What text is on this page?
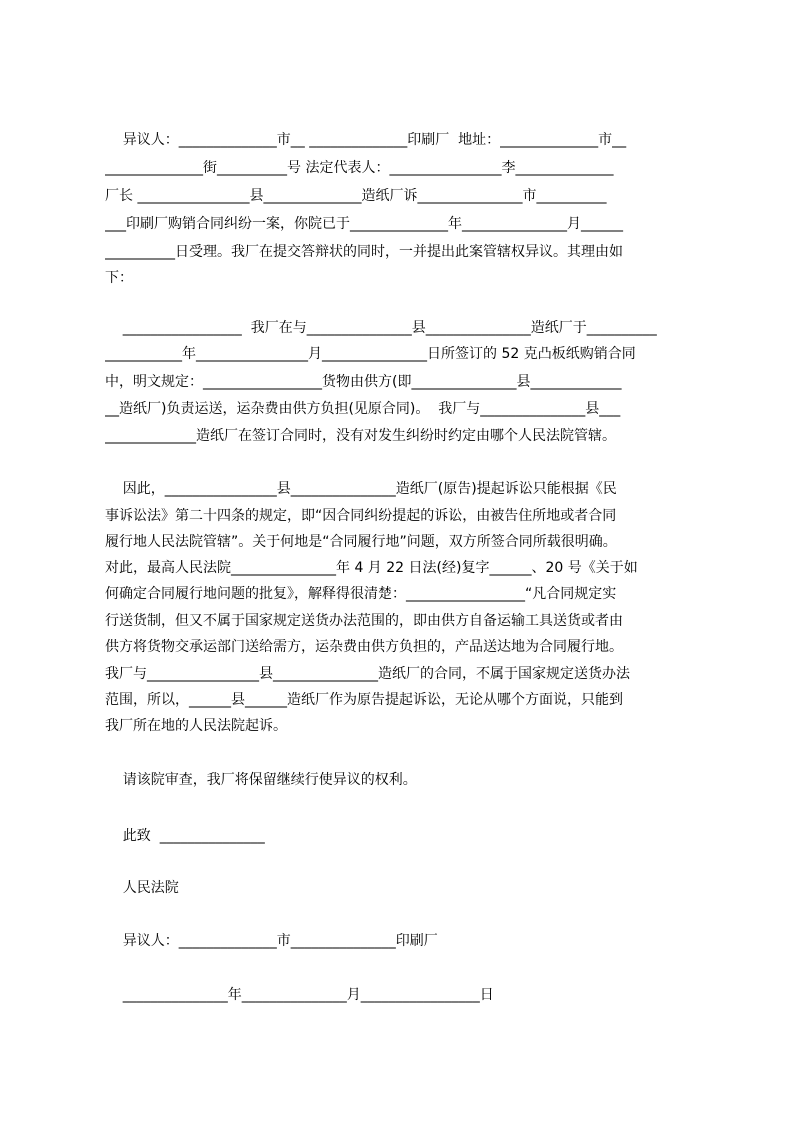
异议人：______________市__ ______________印刷厂  地址：______________市__
______________街__________号 法定代表人：________________李______________
厂长 ________________县______________造纸厂诉_______________市__________
___印刷厂购销合同纠纷一案，你院已于______________年_______________月______
__________日受理。我厂在提交答辩状的同时，一并提出此案管辖权异议。其理由如
下：
_________________  我厂在与_______________县_______________造纸厂于__________
___________年________________月_______________日所签订的 52 克凸板纸购销合同
中，明文规定：_________________货物由供方(即_______________县_____________
__造纸厂)负责运送，运杂费由供方负担(见原合同)。  我厂与_______________县___
_____________造纸厂在签订合同时，没有对发生纠纷时约定由哪个人民法院管辖。
因此，________________县_______________造纸厂(原告)提起诉讼只能根据《民
事诉讼法》第二十四条的规定，即“因合同纠纷提起的诉讼，由被告住所地或者合同
履行地人民法院管辖”。关于何地是“合同履行地”问题，双方所签合同所载很明确。
对此，最高人民法院_______________年 4 月 22 日法(经)复字______、20 号《关于如
何确定合同履行地问题的批复》，解释得很清楚：_________________“凡合同规定实
行送货制，但又不属于国家规定送货办法范围的，即由供方自备运输工具送货或者由
供方将货物交承运部门送给需方，运杂费由供方负担的，产品送达地为合同履行地。
我厂与________________县_______________造纸厂的合同，不属于国家规定送货办法
范围，所以，______县______造纸厂作为原告提起诉讼，无论从哪个方面说，只能到
我厂所在地的人民法院起诉。
请该院审查，我厂将保留继续行使异议的权利。
此致  _______________
人民法院
异议人：______________市_______________印刷厂
_______________年_______________月_________________日
